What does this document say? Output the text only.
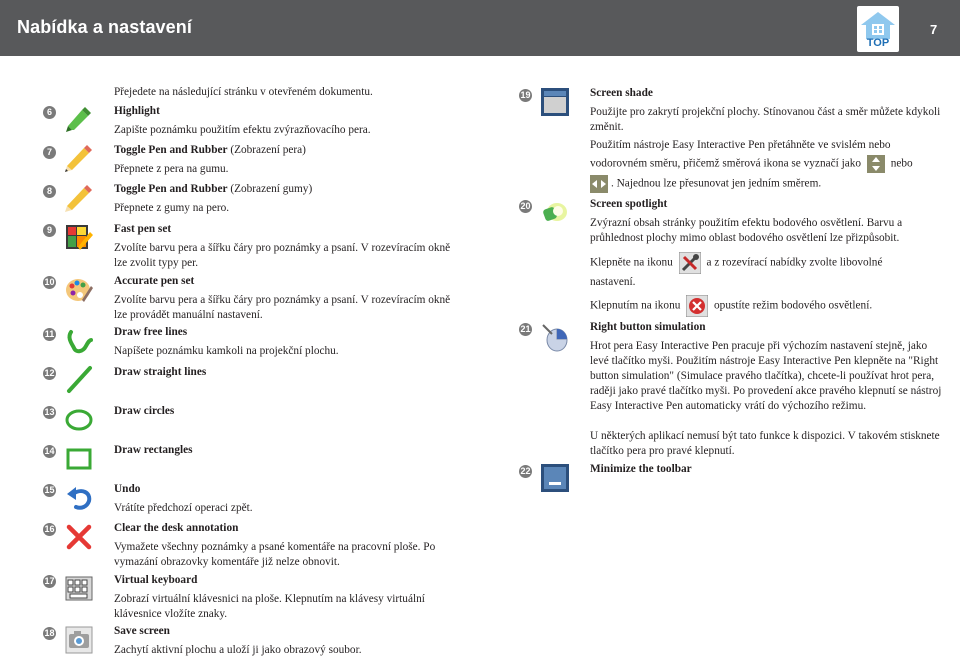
Nabídka a nastavení
TOP
7
Přejedete na následující stránku v otevřeném dokumentu.
6	Highlight
Zapište poznámku použitím efektu zvýrazňovacího pera.
7	Toggle Pen and Rubber (Zobrazení pera)
Přepnete z pera na gumu.
8	Toggle Pen and Rubber (Zobrazení gumy)
Přepnete z gumy na pero.
9	Fast pen set
Zvolíte barvu pera a šířku čáry pro poznámky a psaní. V rozevíracím okně lze zvolit typy per.
10	Accurate pen set
Zvolíte barvu pera a šířku čáry pro poznámky a psaní. V rozevíracím okně lze provádět manuální nastavení.
11	Draw free lines
Napíšete poznámku kamkoli na projekční plochu.
12	Draw straight lines
13	Draw circles
14	Draw rectangles
15	Undo
Vrátíte předchozí operaci zpět.
16	Clear the desk annotation
Vymažete všechny poznámky a psané komentáře na pracovní ploše. Po vymazání obrazovky komentáře již nelze obnovit.
17	Virtual keyboard
Zobrazí virtuální klávesnici na ploše. Klepnutím na klávesy virtuální klávesnice vložíte znaky.
18	Save screen
Zachytí aktivní plochu a uloží ji jako obrazový soubor.
19	Screen shade
Použijte pro zakrytí projekční plochy. Stínovanou část a směr můžete kdykoli změnit.
Použitím nástroje Easy Interactive Pen přetáhněte ve svislém nebo
vodorovném směru, přičemž směrová ikona se vyznačí jako	nebo
. Najednou lze přesunovat jen jedním směrem.
20	Screen spotlight
Zvýrazní obsah stránky použitím efektu bodového osvětlení. Barvu a průhlednost plochy mimo oblast bodového osvětlení lze přizpůsobit.
Klepněte na ikonu	a z rozevírací nabídky zvolte libovolné
nastavení.
Klepnutím na ikonu	opustíte režim bodového osvětlení.
21	Right button simulation
Hrot pera Easy Interactive Pen pracuje při výchozím nastavení stejně, jako levé tlačítko myši. Použitím nástroje Easy Interactive Pen klepněte na "Right button simulation" (Simulace pravého tlačítka), chcete-li používat hrot pera, raději jako pravé tlačítko myši. Po provedení akce pravého klepnutí se nástroj Easy Interactive Pen automaticky vrátí do výchozího režimu.
U některých aplikací nemusí být tato funkce k dispozici. V takovém stisknete tlačítko pera pro pravé klepnutí.
22	Minimize the toolbar
